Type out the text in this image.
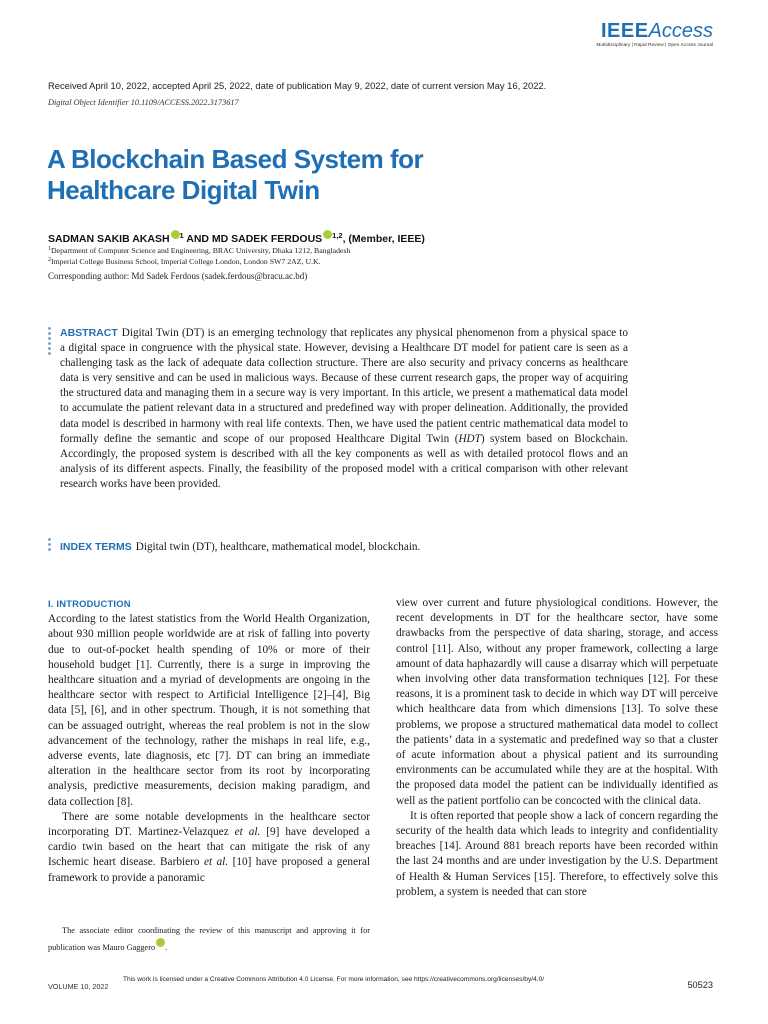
IEEEAccess
Multidisciplinary | Rapid Review | Open Access Journal
Received April 10, 2022, accepted April 25, 2022, date of publication May 9, 2022, date of current version May 16, 2022.
Digital Object Identifier 10.1109/ACCESS.2022.3173617
A Blockchain Based System for
Healthcare Digital Twin
SADMAN SAKIB AKASH $^1$ AND MD SADEK FERDOUS $^{1,2}$, (Member, IEEE)
$^1$Department of Computer Science and Engineering, BRAC University, Dhaka 1212, Bangladesh
$^2$Imperial College Business School, Imperial College London, London SW7 2AZ, U.K.
Corresponding author: Md Sadek Ferdous (sadek.ferdous@bracu.ac.bd)
ABSTRACT Digital Twin (DT) is an emerging technology that replicates any physical phenomenon from a physical space to a digital space in congruence with the physical state. However, devising a Healthcare DT model for patient care is seen as a challenging task as the lack of adequate data collection structure. There are also security and privacy concerns as healthcare data is very sensitive and can be used in malicious ways. Because of these current research gaps, the proper way of acquiring the structured data and managing them in a secure way is very important. In this article, we present a mathematical data model to accumulate the patient relevant data in a structured and predefined way with proper delineation. Additionally, the provided data model is described in harmony with real life contexts. Then, we have used the patient centric mathematical data model to formally define the semantic and scope of our proposed Healthcare Digital Twin (HDT) system based on Blockchain. Accordingly, the proposed system is described with all the key components as well as with detailed protocol flows and an analysis of its different aspects. Finally, the feasibility of the proposed model with a critical comparison with other relevant research works have been provided.
INDEX TERMS Digital twin (DT), healthcare, mathematical model, blockchain.
I. INTRODUCTION

According to the latest statistics from the World Health Organization, about 930 million people worldwide are at risk of falling into poverty due to out-of-pocket health spending of 10% or more of their household budget [1]. Currently, there is a surge in improving the healthcare situation and a myriad of developments are ongoing in the healthcare sector with respect to Artificial Intelligence [2]–[4], Big data [5], [6], and in other spectrum. Though, it is not something that can be assuaged outright, whereas the real problem is not in the slow advancement of the technology, rather the mishaps in real life, e.g., adverse events, late diagnosis, etc [7]. DT can bring an immediate alteration in the healthcare sector from its root by incorporating analysis, predictive measurements, decision making paradigm, and data collection [8].

There are some notable developments in the healthcare sector incorporating DT. Martinez-Velazquez et al. [9] have developed a cardio twin based on the heart that can mitigate the risk of any Ischemic heart disease. Barbiero et al. [10] have proposed a general framework to provide a panoramic

The associate editor coordinating the review of this manuscript and approving it for publication was Mauro Gaggero .

view over current and future physiological conditions. However, the recent developments in DT for the healthcare sector, have some drawbacks from the perspective of data sharing, storage, and access control [11]. Also, without any proper framework, collecting a large amount of data haphazardly will cause a disarray which will perpetuate when involving other data transformation techniques [12]. For these reasons, it is a prominent task to decide in which way DT will perceive which healthcare data from which dimensions [13]. To solve these problems, we propose a structured mathematical data model to collect the patients’ data in a systematic and predefined way so that a cluster of acute information about a physical patient and its surrounding environments can be accumulated while they are at the hospital. With the proposed data model the patient can be individually identified as well as the patient portfolio can be concocted with the clinical data.

It is often reported that people show a lack of concern regarding the security of the health data which leads to integrity and confidentiality breaches [14]. Around 881 breach reports have been recorded within the last 24 months and are under investigation by the U.S. Department of Health & Human Services [15]. Therefore, to effectively solve this problem, a system is needed that can store

VOLUME 10, 2022
This work is licensed under a Creative Commons Attribution 4.0 License. For more information, see https://creativecommons.org/licenses/by/4.0/
50523
